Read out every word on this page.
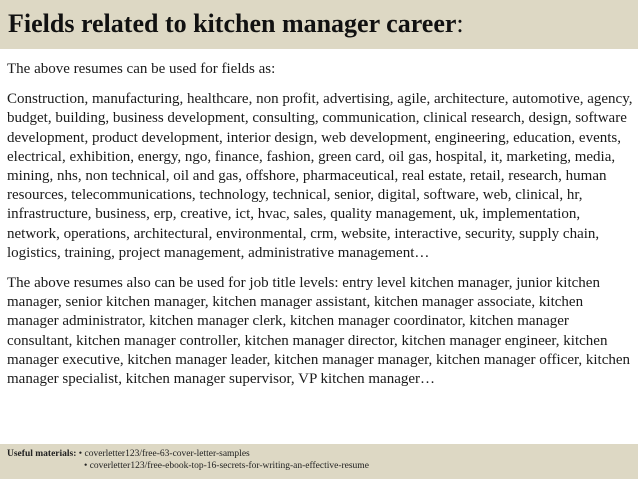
Fields related to kitchen manager career:

The above resumes can be used for fields as:

Construction, manufacturing, healthcare, non profit, advertising, agile, architecture, automotive, agency, budget, building, business development, consulting, communication, clinical research, design, software development, product development, interior design, web development, engineering, education, events, electrical, exhibition, energy, ngo, finance, fashion, green card, oil gas, hospital, it, marketing, media, mining, nhs, non technical, oil and gas, offshore, pharmaceutical, real estate, retail, research, human resources, telecommunications, technology, technical, senior, digital, software, web, clinical, hr, infrastructure, business, erp, creative, ict, hvac, sales, quality management, uk, implementation, network, operations, architectural, environmental, crm, website, interactive, security, supply chain, logistics, training, project management, administrative management…

The above resumes also can be used for job title levels: entry level kitchen manager, junior kitchen manager, senior kitchen manager, kitchen manager assistant, kitchen manager associate, kitchen manager administrator, kitchen manager clerk, kitchen manager coordinator, kitchen manager consultant, kitchen manager controller, kitchen manager director, kitchen manager engineer, kitchen manager executive, kitchen manager leader, kitchen manager manager, kitchen manager officer, kitchen manager specialist, kitchen manager supervisor, VP kitchen manager…

Useful materials: • coverletter123/free-63-cover-letter-samples
• coverletter123/free-ebook-top-16-secrets-for-writing-an-effective-resume
